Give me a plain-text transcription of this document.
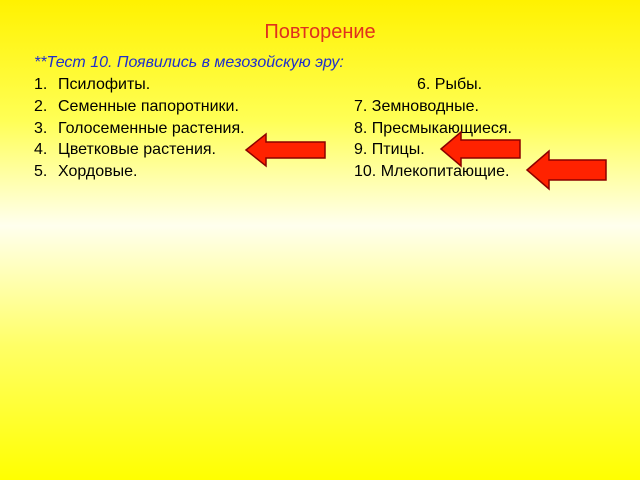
Повторение
**Тест 10. Появились в мезозойскую эру:
1. Псилофиты.
2. Семенные папоротники.
3. Голосеменные растения.
4. Цветковые растения.
5. Хордовые.
6. Рыбы.
7. Земноводные.
8. Пресмыкающиеся.
9. Птицы.
10. Млекопитающие.
